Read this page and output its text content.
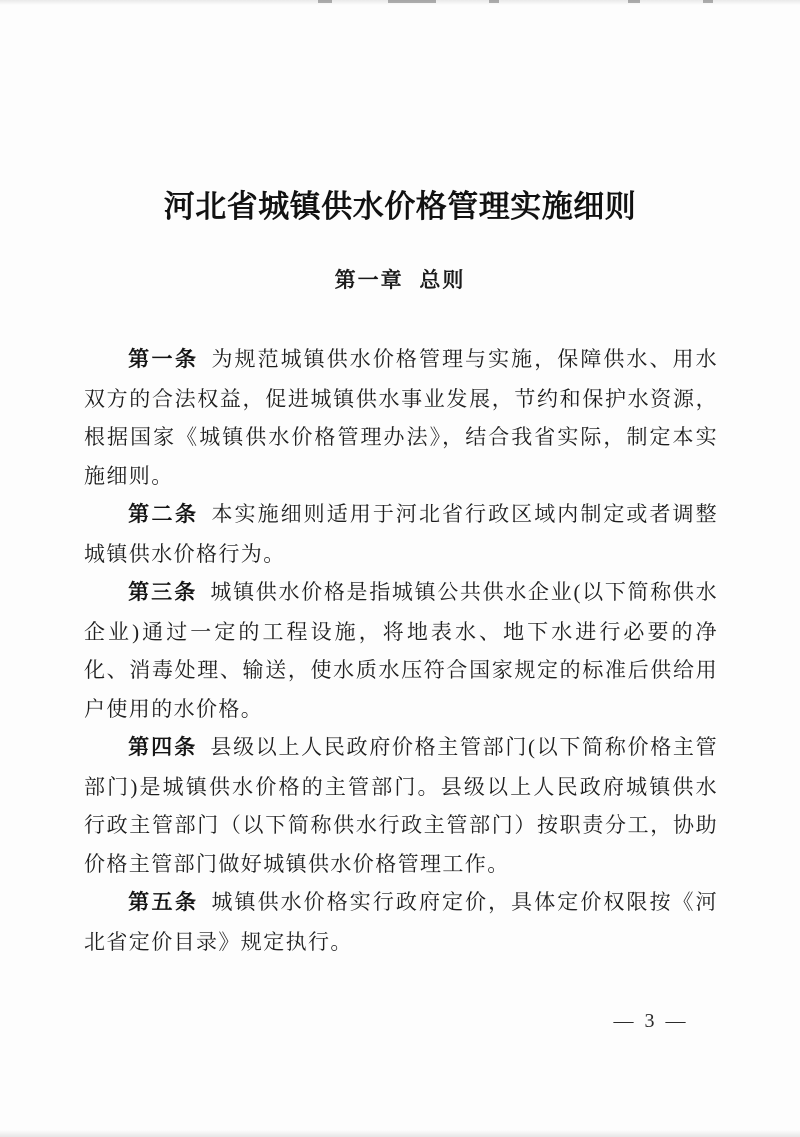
河北省城镇供水价格管理实施细则
第一章 总则

第一条 为规范城镇供水价格管理与实施，保障供水、用水双方的合法权益，促进城镇供水事业发展，节约和保护水资源，根据国家《城镇供水价格管理办法》，结合我省实际，制定本实施细则。

第二条 本实施细则适用于河北省行政区域内制定或者调整城镇供水价格行为。

第三条 城镇供水价格是指城镇公共供水企业(以下简称供水企业)通过一定的工程设施，将地表水、地下水进行必要的净化、消毒处理、输送，使水质水压符合国家规定的标准后供给用户使用的水价格。

第四条 县级以上人民政府价格主管部门(以下简称价格主管部门)是城镇供水价格的主管部门。县级以上人民政府城镇供水行政主管部门（以下简称供水行政主管部门）按职责分工，协助价格主管部门做好城镇供水价格管理工作。

第五条 城镇供水价格实行政府定价，具体定价权限按《河北省定价目录》规定执行。

— 3 —
